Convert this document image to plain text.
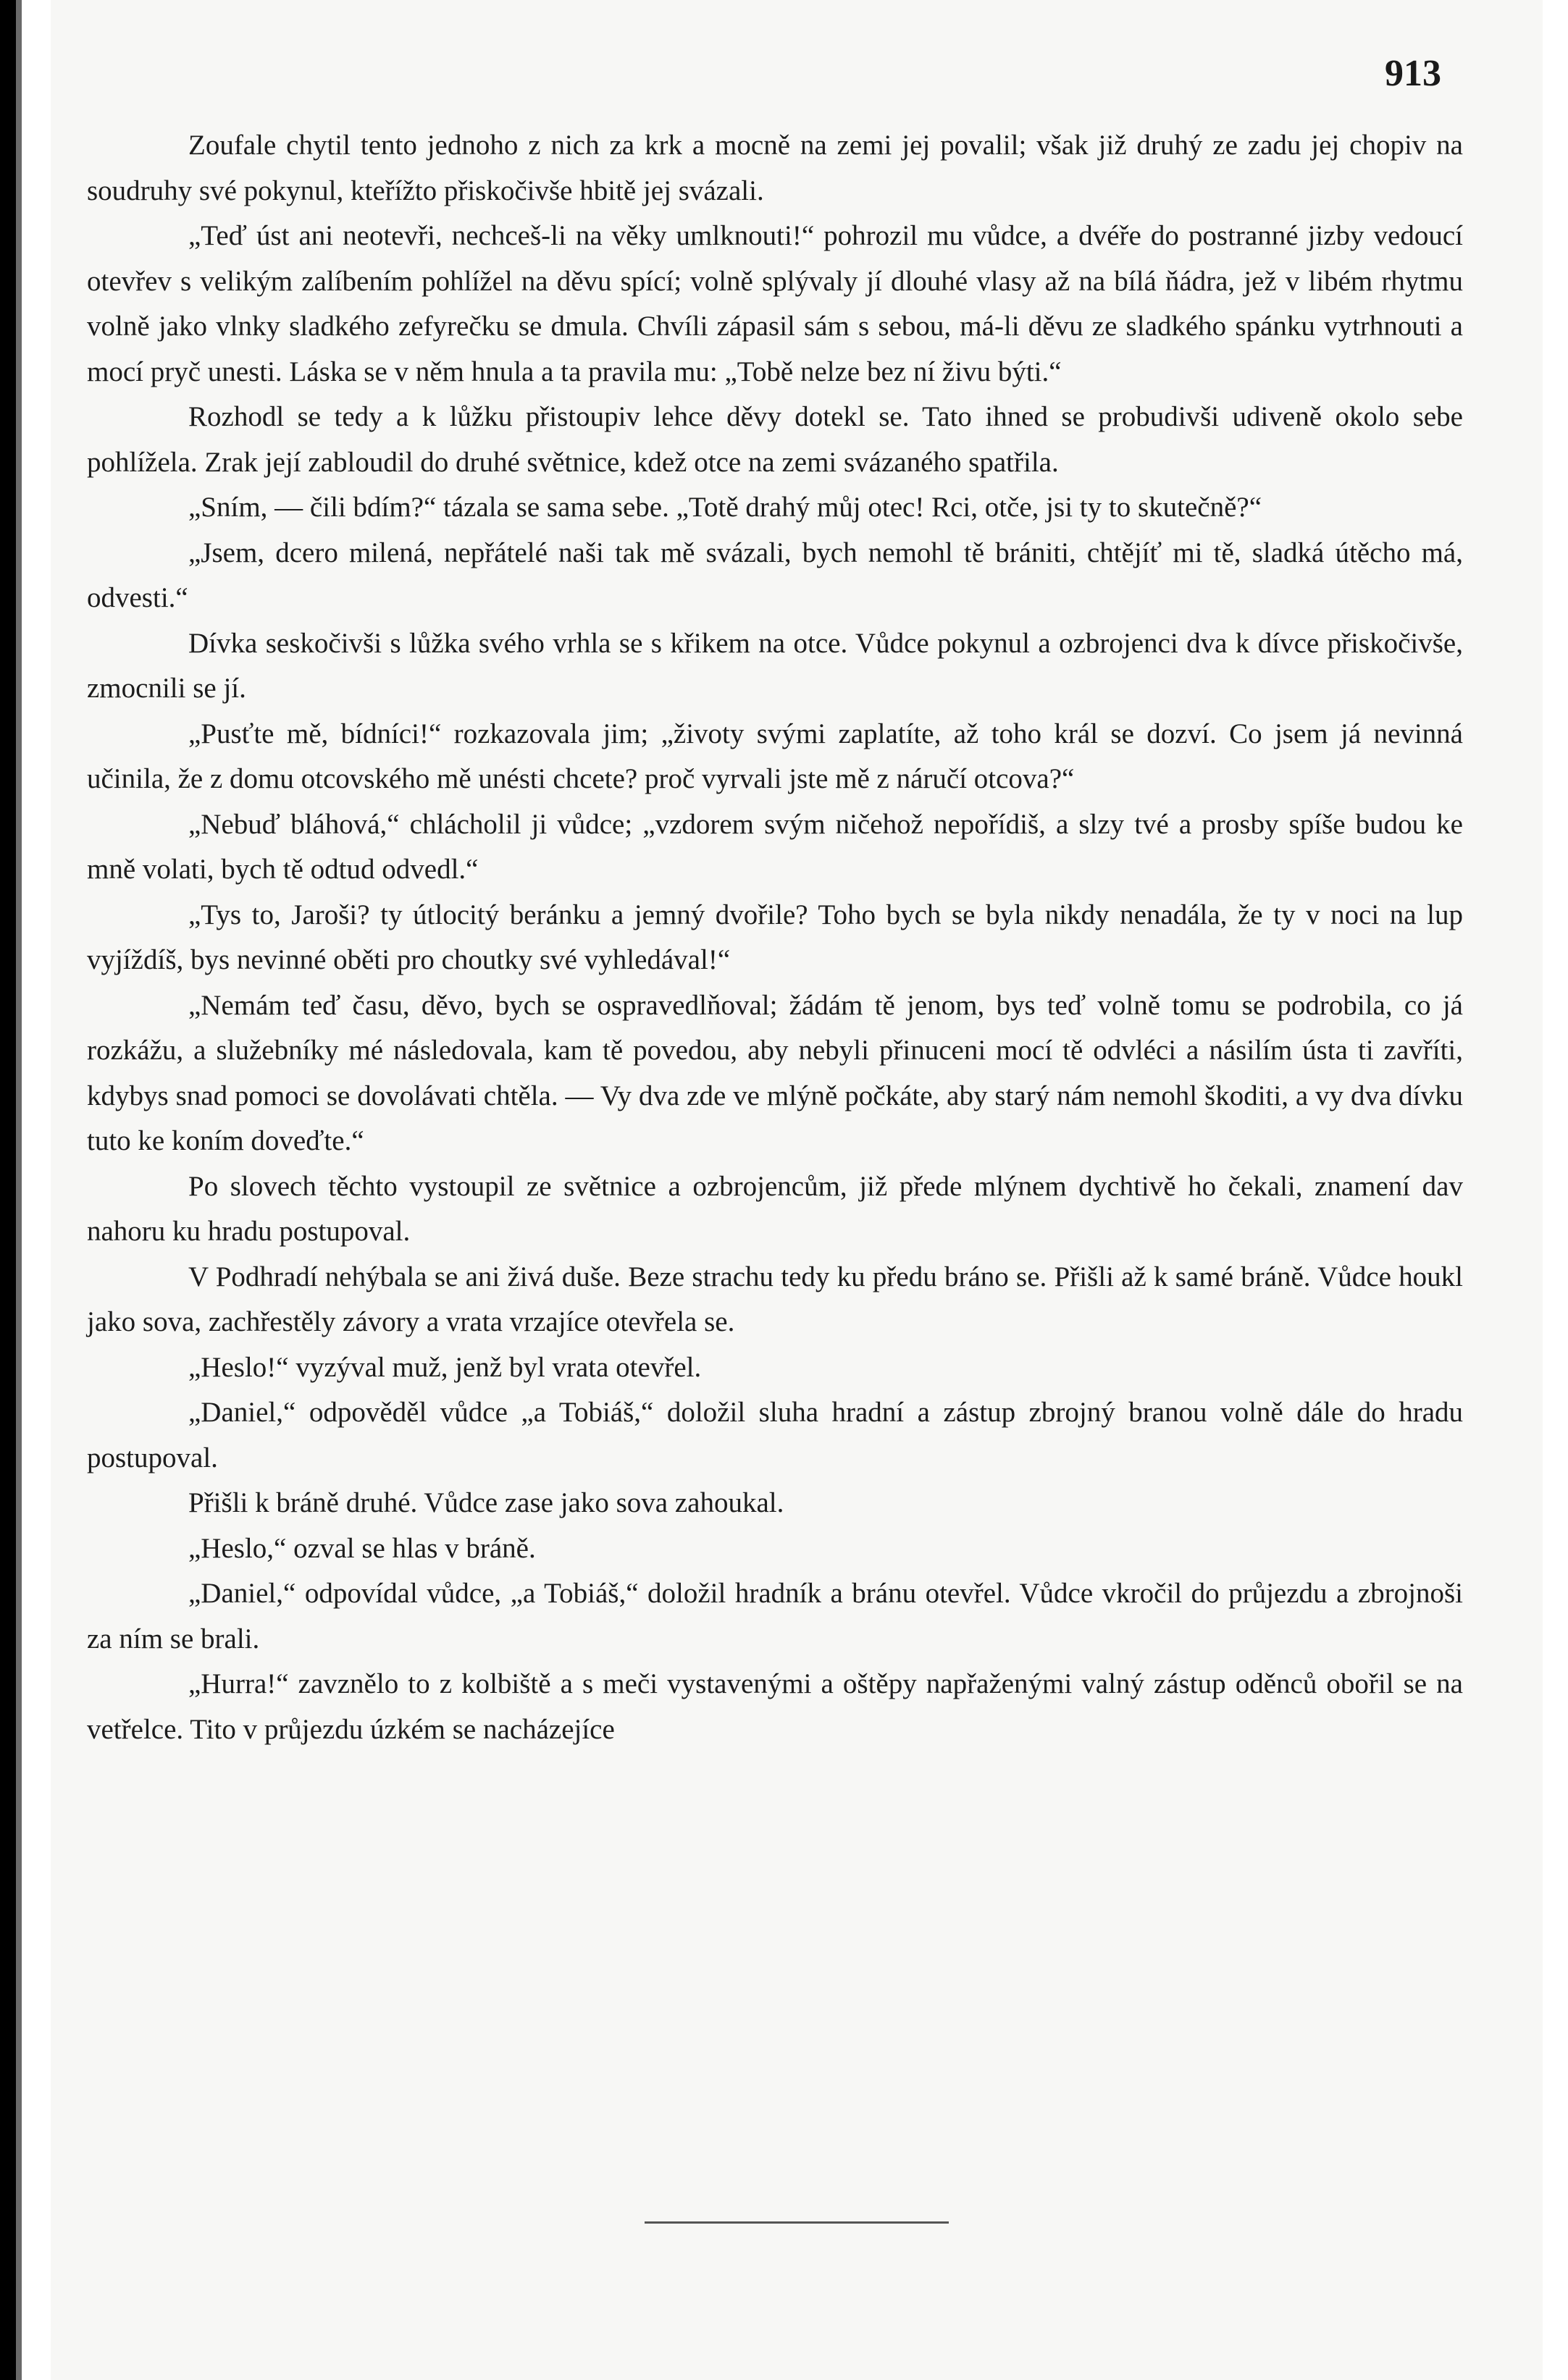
913

Zoufale chytil tento jednoho z nich za krk a mocně na zemi jej povalil; však již druhý ze zadu jej chopiv na soudruhy své pokynul, kteřížto přiskočivše hbitě jej svázali.

„Teď úst ani neotevři, nechceš-li na věky umlknouti!“ pohrozil mu vůdce, a dvéře do postranné jizby vedoucí otevřev s velikým zalíbením pohlížel na děvu spící; volně splývaly jí dlouhé vlasy až na bílá ňádra, jež v libém rhytmu volně jako vlnky sladkého zefyrečku se dmula. Chvíli zápasil sám s sebou, má-li děvu ze sladkého spánku vytrhnouti a mocí pryč unesti. Láska se v něm hnula a ta pravila mu: „Tobě nelze bez ní živu býti.“

Rozhodl se tedy a k lůžku přistoupiv lehce děvy dotekl se. Tato ihned se probudivši udiveně okolo sebe pohlížela. Zrak její zabloudil do druhé světnice, kdež otce na zemi svázaného spatřila.

„Sním, — čili bdím?“ tázala se sama sebe. „Totě drahý můj otec! Rci, otče, jsi ty to skutečně?“

„Jsem, dcero milená, nepřátelé naši tak mě svázali, bych nemohl tě brániti, chtějíť mi tě, sladká útěcho má, odvesti.“

Dívka seskočivši s lůžka svého vrhla se s křikem na otce. Vůdce pokynul a ozbrojenci dva k dívce přiskočivše, zmocnili se jí.

„Pusťte mě, bídníci!“ rozkazovala jim; „životy svými zaplatíte, až toho král se dozví. Co jsem já nevinná učinila, že z domu otcovského mě unésti chcete? proč vyrvali jste mě z náručí otcova?“

„Nebuď bláhová,“ chlácholil ji vůdce; „vzdorem svým ničehož nepořídiš, a slzy tvé a prosby spíše budou ke mně volati, bych tě odtud odvedl.“

„Tys to, Jaroši? ty útlocitý beránku a jemný dvořile? Toho bych se byla nikdy nenadála, že ty v noci na lup vyjíždíš, bys nevinné oběti pro choutky své vyhledával!“

„Nemám teď času, děvo, bych se ospravedlňoval; žádám tě jenom, bys teď volně tomu se podrobila, co já rozkážu, a služebníky mé následovala, kam tě povedou, aby nebyli přinuceni mocí tě odvléci a násilím ústa ti zavříti, kdybys snad pomoci se dovolávati chtěla. — Vy dva zde ve mlýně počkáte, aby starý nám nemohl škoditi, a vy dva dívku tuto ke koním doveďte.“

Po slovech těchto vystoupil ze světnice a ozbrojencům, již přede mlýnem dychtivě ho čekali, znamení dav nahoru ku hradu postupoval.

V Podhradí nehýbala se ani živá duše. Beze strachu tedy ku předu bráno se. Přišli až k samé bráně. Vůdce houkl jako sova, zachřestěly závory a vrata vrzajíce otevřela se.

„Heslo!“ vyzýval muž, jenž byl vrata otevřel.

„Daniel,“ odpověděl vůdce „a Tobiáš,“ doložil sluha hradní a zástup zbrojný branou volně dále do hradu postupoval.

Přišli k bráně druhé. Vůdce zase jako sova zahoukal.

„Heslo,“ ozval se hlas v bráně.

„Daniel,“ odpovídal vůdce, „a Tobiáš,“ doložil hradník a bránu otevřel. Vůdce vkročil do průjezdu a zbrojnoši za ním se brali.

„Hurra!“ zavznělo to z kolbiště a s meči vystavenými a oštěpy napřaženými valný zástup oděnců obořil se na vetřelce. Tito v průjezdu úzkém se nacházejíce
